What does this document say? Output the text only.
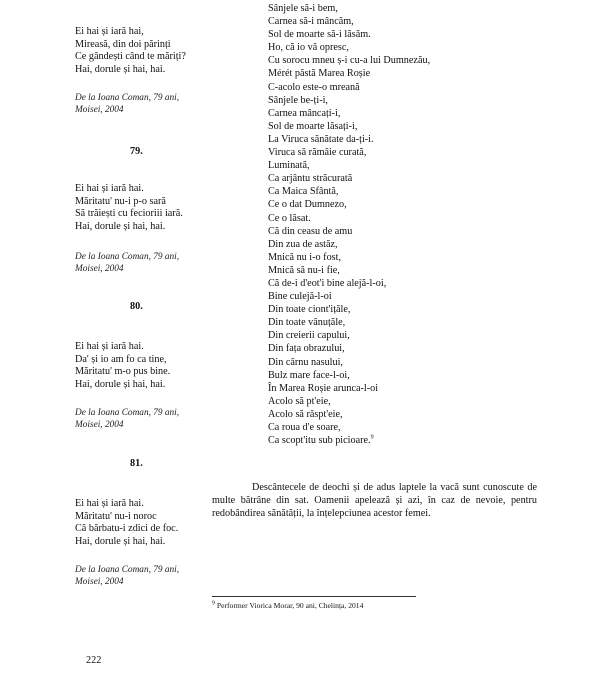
Ei hai și iară hai,
Mireasă, din doi părinți
Ce gândești când te măriți?
Hai, dorule și hai, hai.
De la Ioana Coman, 79 ani,
Moisei, 2004
79.
Ei hai și iară hai.
Măritatu' nu-i p-o sară
Să trăiești cu fecioriii iară.
Hai, dorule și hai, hai.
De la Ioana Coman, 79 ani,
Moisei, 2004
80.
Ei hai și iară hai.
Da' și io am fo ca tine,
Măritatu' m-o pus bine.
Hai, dorule și hai, hai.
De la Ioana Coman, 79 ani,
Moisei, 2004
81.
Ei hai și iară hai.
Măritatu' nu-i noroc
Că bărbatu-i zdici de foc.
Hai, dorule și hai, hai.
De la Ioana Coman, 79 ani,
Moisei, 2004
Sânjele să-i bem,
Carnea să-i mâncăm,
Sol de moarte să-i lăsăm.
Ho, că io vă opresc,
Cu sorocu mneu ș-i cu-a lui Dumnezău,
Mérét păstă Marea Roșie
C-acolo este-o mreană
Sânjele be-ți-i,
Carnea mâncați-i,
Sol de moarte lăsați-i,
La Viruca sănătate da-ți-i.
Viruca să rămâie curată,
Luminată,
Ca arjântu străcurată
Ca Maica Sfântă,
Ce o dat Dumnezo,
Ce o lăsat.
Că din ceasu de amu
Din zua de astăz,
Mnică nu i-o fost,
Mnică să nu-i fie,
Că de-i d'eot'i bine alejă-l-oi,
Bine culejă-l-oi
Din toate ciont'ițăle,
Din toate vânuțăle,
Din creierii capului,
Din fața obrazului,
Din cârnu nasului,
Bulz mare face-l-oi,
În Marea Roșie arunca-l-oi
Acolo să pt'eie,
Acolo să răspt'eie,
Ca roua d'e soare,
Ca scopt'itu sub picioare.$^9$
Descântecele de deochi și de adus laptele la vacă sunt cunoscute de multe bătrâne din sat. Oamenii apelează și azi, în caz de nevoie, pentru redobândirea sănătății, la înțelepciunea acestor femei.
$^9$ Performer Viorica Morar, 90 ani, Chelința, 2014
222
